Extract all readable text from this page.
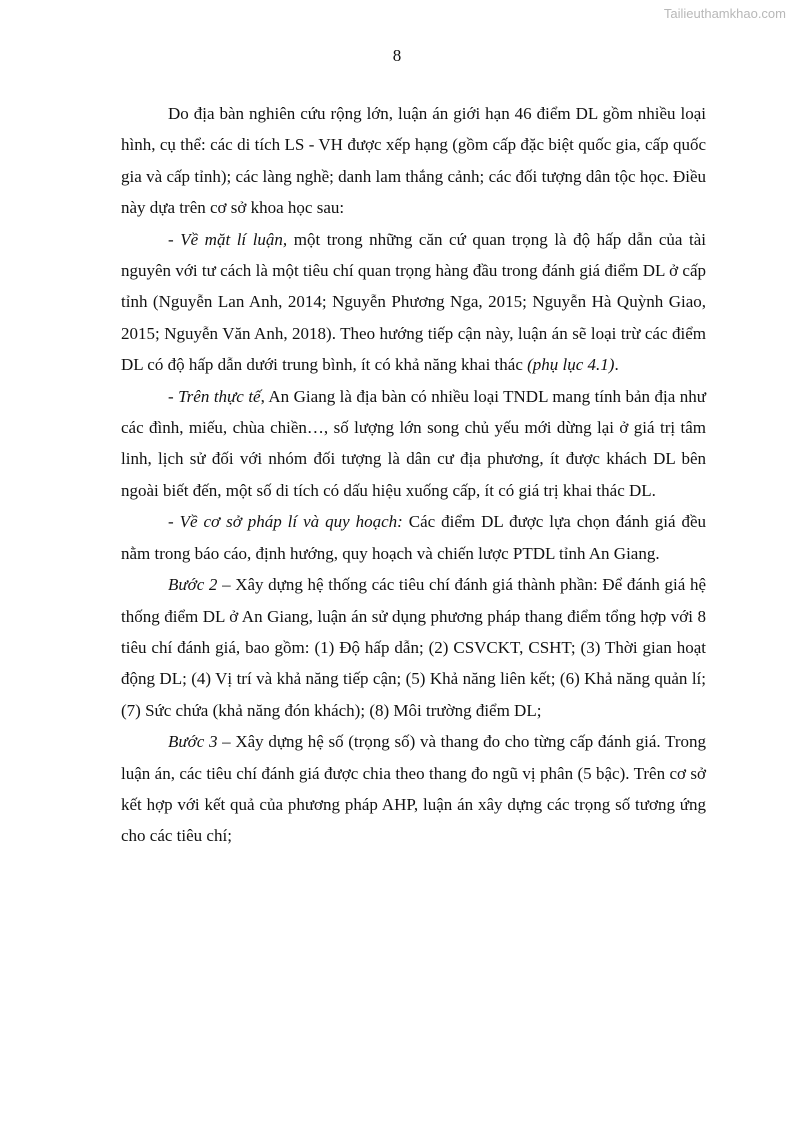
Tailieuthamkhao.com
8

Do địa bàn nghiên cứu rộng lớn, luận án giới hạn 46 điểm DL gồm nhiều loại hình, cụ thể: các di tích LS - VH được xếp hạng (gồm cấp đặc biệt quốc gia, cấp quốc gia và cấp tỉnh); các làng nghề; danh lam thắng cảnh; các đối tượng dân tộc học. Điều này dựa trên cơ sở khoa học sau:

- Về mặt lí luận, một trong những căn cứ quan trọng là độ hấp dẫn của tài nguyên với tư cách là một tiêu chí quan trọng hàng đầu trong đánh giá điểm DL ở cấp tỉnh (Nguyễn Lan Anh, 2014; Nguyễn Phương Nga, 2015; Nguyễn Hà Quỳnh Giao, 2015; Nguyễn Văn Anh, 2018). Theo hướng tiếp cận này, luận án sẽ loại trừ các điểm DL có độ hấp dẫn dưới trung bình, ít có khả năng khai thác (phụ lục 4.1).

- Trên thực tế, An Giang là địa bàn có nhiều loại TNDL mang tính bản địa như các đình, miếu, chùa chiền…, số lượng lớn song chủ yếu mới dừng lại ở giá trị tâm linh, lịch sử đối với nhóm đối tượng là dân cư địa phương, ít được khách DL bên ngoài biết đến, một số di tích có dấu hiệu xuống cấp, ít có giá trị khai thác DL.

- Về cơ sở pháp lí và quy hoạch: Các điểm DL được lựa chọn đánh giá đều nằm trong báo cáo, định hướng, quy hoạch và chiến lược PTDL tỉnh An Giang.

Bước 2 – Xây dựng hệ thống các tiêu chí đánh giá thành phần: Để đánh giá hệ thống điểm DL ở An Giang, luận án sử dụng phương pháp thang điểm tổng hợp với 8 tiêu chí đánh giá, bao gồm: (1) Độ hấp dẫn; (2) CSVCKT, CSHT; (3) Thời gian hoạt động DL; (4) Vị trí và khả năng tiếp cận; (5) Khả năng liên kết; (6) Khả năng quản lí; (7) Sức chứa (khả năng đón khách); (8) Môi trường điểm DL;

Bước 3 – Xây dựng hệ số (trọng số) và thang đo cho từng cấp đánh giá. Trong luận án, các tiêu chí đánh giá được chia theo thang đo ngũ vị phân (5 bậc). Trên cơ sở kết hợp với kết quả của phương pháp AHP, luận án xây dựng các trọng số tương ứng cho các tiêu chí;
